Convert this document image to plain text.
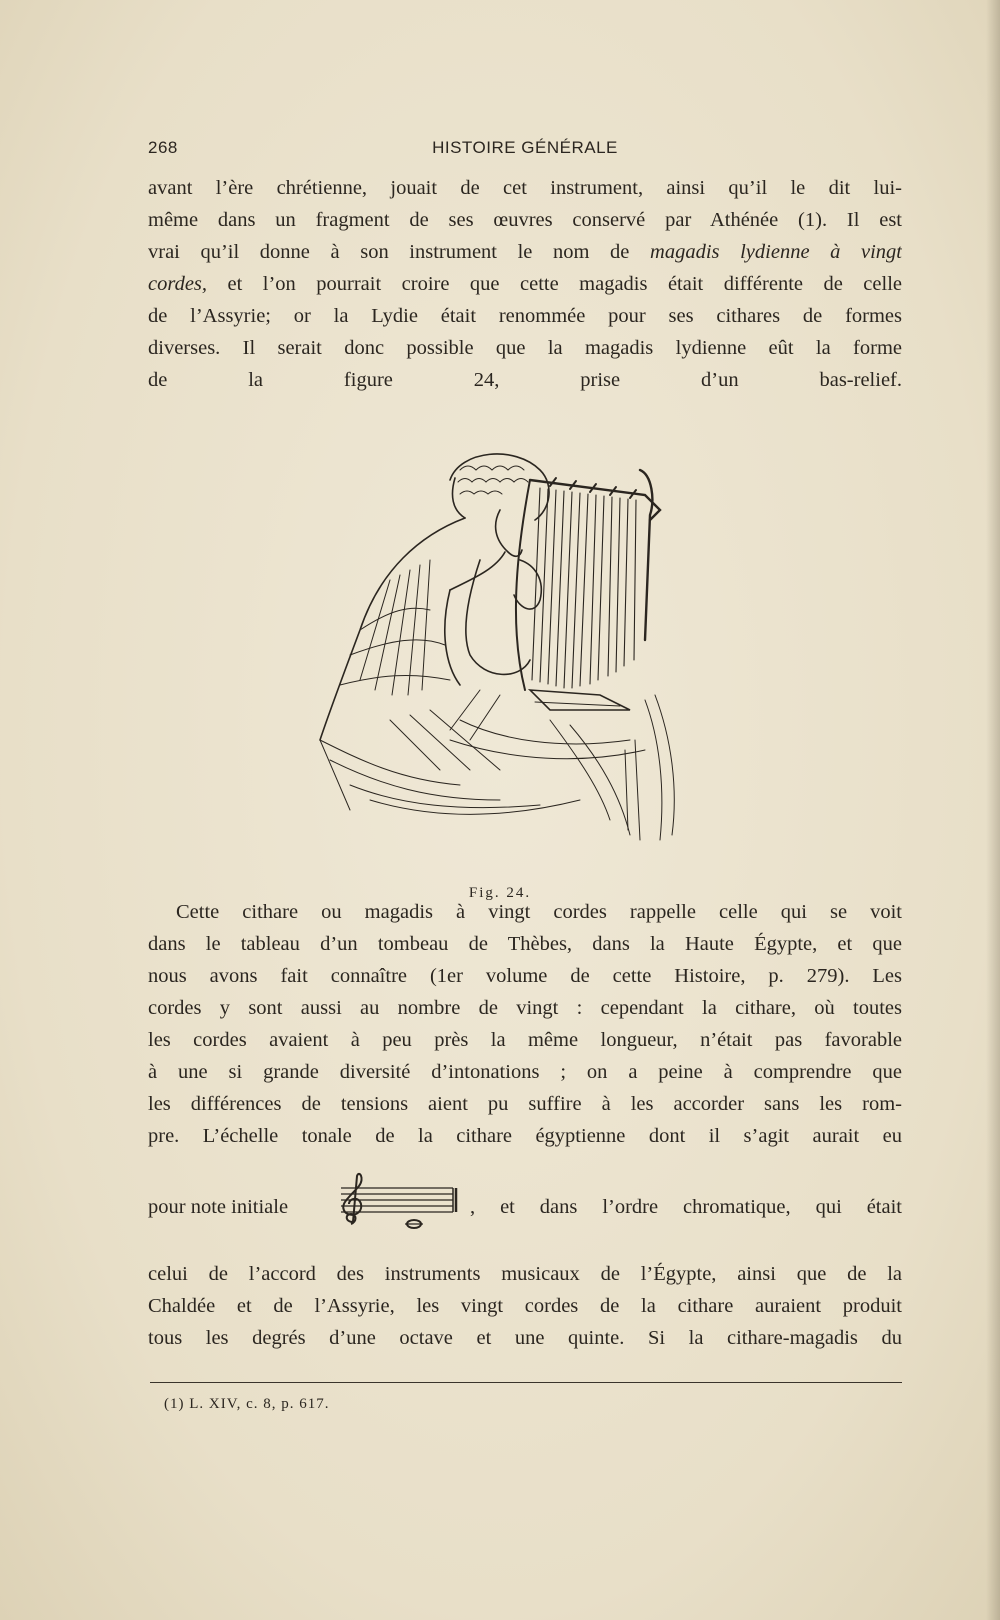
268	HISTOIRE GÉNÉRALE
avant l’ère chrétienne, jouait de cet instrument, ainsi qu’il le dit lui-
même dans un fragment de ses œuvres conservé par Athénée (1). Il est
vrai qu’il donne à son instrument le nom de magadis lydienne à vingt
cordes, et l’on pourrait croire que cette magadis était différente de celle
de l’Assyrie; or la Lydie était renommée pour ses cithares de formes
diverses. Il serait donc possible que la magadis lydienne eût la forme
de la figure 24, prise d’un bas-relief.
Fig. 24.
Cette cithare ou magadis à vingt cordes rappelle celle qui se voit
dans le tableau d’un tombeau de Thèbes, dans la Haute Égypte, et que
nous avons fait connaître (1er volume de cette Histoire, p. 279). Les
cordes y sont aussi au nombre de vingt : cependant la cithare, où toutes
les cordes avaient à peu près la même longueur, n’était pas favorable
à une si grande diversité d’intonations ; on a peine à comprendre que
les différences de tensions aient pu suffire à les accorder sans les rom-
pre. L’échelle tonale de la cithare égyptienne dont il s’agit aurait eu
pour note initiale	, et dans l’ordre chromatique, qui était
celui de l’accord des instruments musicaux de l’Égypte, ainsi que de la
Chaldée et de l’Assyrie, les vingt cordes de la cithare auraient produit
tous les degrés d’une octave et une quinte. Si la cithare-magadis du
(1) L. XIV, c. 8, p. 617.
